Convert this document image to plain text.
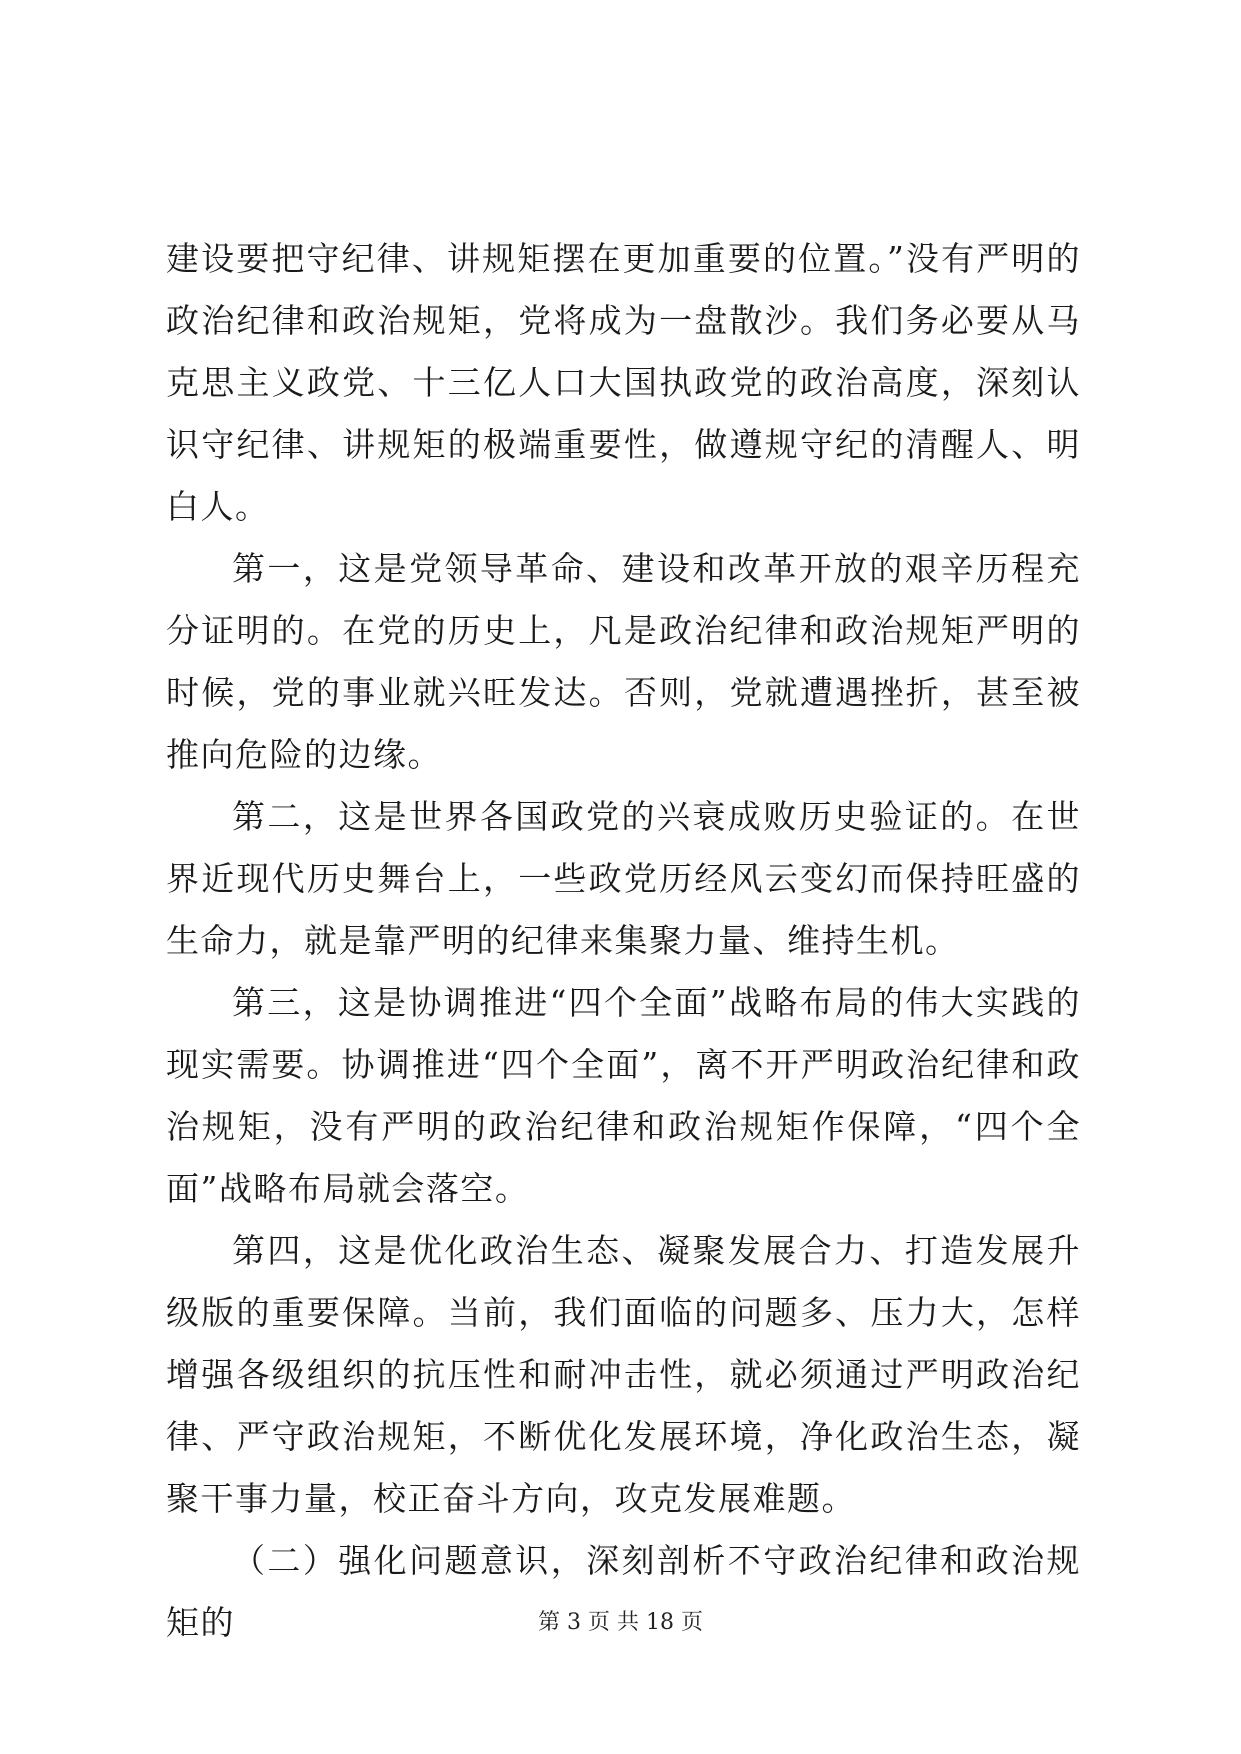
建设要把守纪律、讲规矩摆在更加重要的位置。”没有严明的政治纪律和政治规矩，党将成为一盘散沙。我们务必要从马克思主义政党、十三亿人口大国执政党的政治高度，深刻认识守纪律、讲规矩的极端重要性，做遵规守纪的清醒人、明白人。

第一，这是党领导革命、建设和改革开放的艰辛历程充分证明的。在党的历史上，凡是政治纪律和政治规矩严明的时候，党的事业就兴旺发达。否则，党就遭遇挫折，甚至被推向危险的边缘。

第二，这是世界各国政党的兴衰成败历史验证的。在世界近现代历史舞台上，一些政党历经风云变幻而保持旺盛的生命力，就是靠严明的纪律来集聚力量、维持生机。

第三，这是协调推进“四个全面”战略布局的伟大实践的现实需要。协调推进“四个全面”，离不开严明政治纪律和政治规矩，没有严明的政治纪律和政治规矩作保障，“四个全面”战略布局就会落空。

第四，这是优化政治生态、凝聚发展合力、打造发展升级版的重要保障。当前，我们面临的问题多、压力大，怎样增强各级组织的抗压性和耐冲击性，就必须通过严明政治纪律、严守政治规矩，不断优化发展环境，净化政治生态，凝聚干事力量，校正奋斗方向，攻克发展难题。

（二）强化问题意识，深刻剖析不守政治纪律和政治规矩的	第 3 页 共 18 页
